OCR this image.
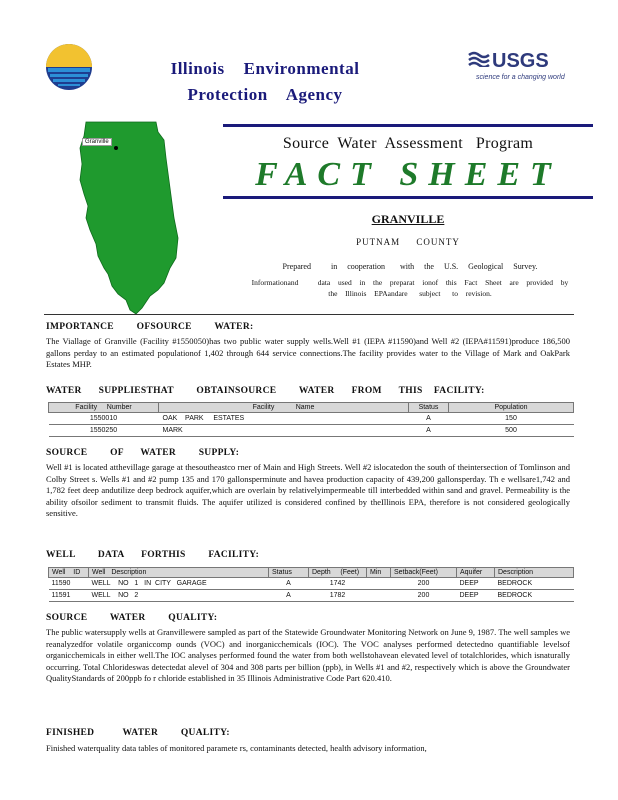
Illinois    Environmental
Protection    Agency
USGS
science for a changing world
Granville	Source  Water  Assessment   Program
FACT SHEET
GRANVILLE
PUTNAM     COUNTY
Prepared    in  cooperation   with  the  U.S.  Geological  Survey.
Informationand     data  used  in  the  preparat  ionof  this  Fact  Sheet  are  provided  by
the  Illinois  EPAandare   subject   to  revision.
IMPORTANCE    OFSOURCE    WATER:
The Viallage of Granville (Facility #1550050)has two public water supply wells.Well #1 (IEPA #11590)and Well #2 (IEPA#11591)produce 186,500 gallons perday to an estimated populationof 1,402 through 644 service connections.The facility provides water to the Village of Mark and OakPark Estates MHP.
WATER   SUPPLIESTHAT    OBTAINSOURCE    WATER   FROM   THIS  FACILITY:
Facility     Number	Facility           Name	Status	Population
1550010	OAK    PARK     ESTATES	A	150
1550250	MARK	A	500
SOURCE    OF   WATER    SUPPLY:
Well #1 is located atthevillage garage at thesoutheastco rner of Main and High Streets. Well #2 islocatedon the south of theintersection of Tomlinson and Colby Street s. Wells #1 and #2 pump 135 and 170 gallonsperminute and havea production capacity of 439,200 gallonsperday. Th e wellsare1,742 and 1,782 feet deep andutilize deep bedrock aquifer,which are overlain by relativelyimpermeable till interbedded within sand and gravel. Permeability is the ability ofsoilor sediment to transmit fluids. The aquifer utilized is considered confined by theIllinois EPA, therefore is not considered geologically sensitive.
WELL    DATA   FORTHIS    FACILITY:
Well    ID	Well   Description	Status	Depth     (Feet)	Min	Setback(Feet)	Aquifer	Description
11590	WELL    NO   1   IN  CITY   GARAGE	A	1742		200	DEEP	BEDROCK
11591	WELL    NO   2	A	1782		200	DEEP	BEDROCK
SOURCE    WATER    QUALITY:
The public watersupply wells at Granvillewere sampled as part of the Statewide Groundwater Monitoring Network on June 9, 1987. The well samples we reanalyzedfor volatile organiccomp ounds (VOC) and inorganicchemicals (IOC). The VOC analyses performed detectedno quantifiable levelsof organicchemicals in either well.The IOC analyses performed found the water from both wellstohavean elevated level of totalchlorides, which isnaturally occurring. Total Chlorideswas detectedat alevel of 304 and 308 parts per billion (ppb), in Wells #1 and #2, respectively which is above the Groundwater QualityStandards of 200ppb fo r chloride established in 35 Illinois Administrative Code Part 620.410.
FINISHED     WATER    QUALITY:
Finished waterquality data tables of monitored paramete rs, contaminants detected, health advisory information,
